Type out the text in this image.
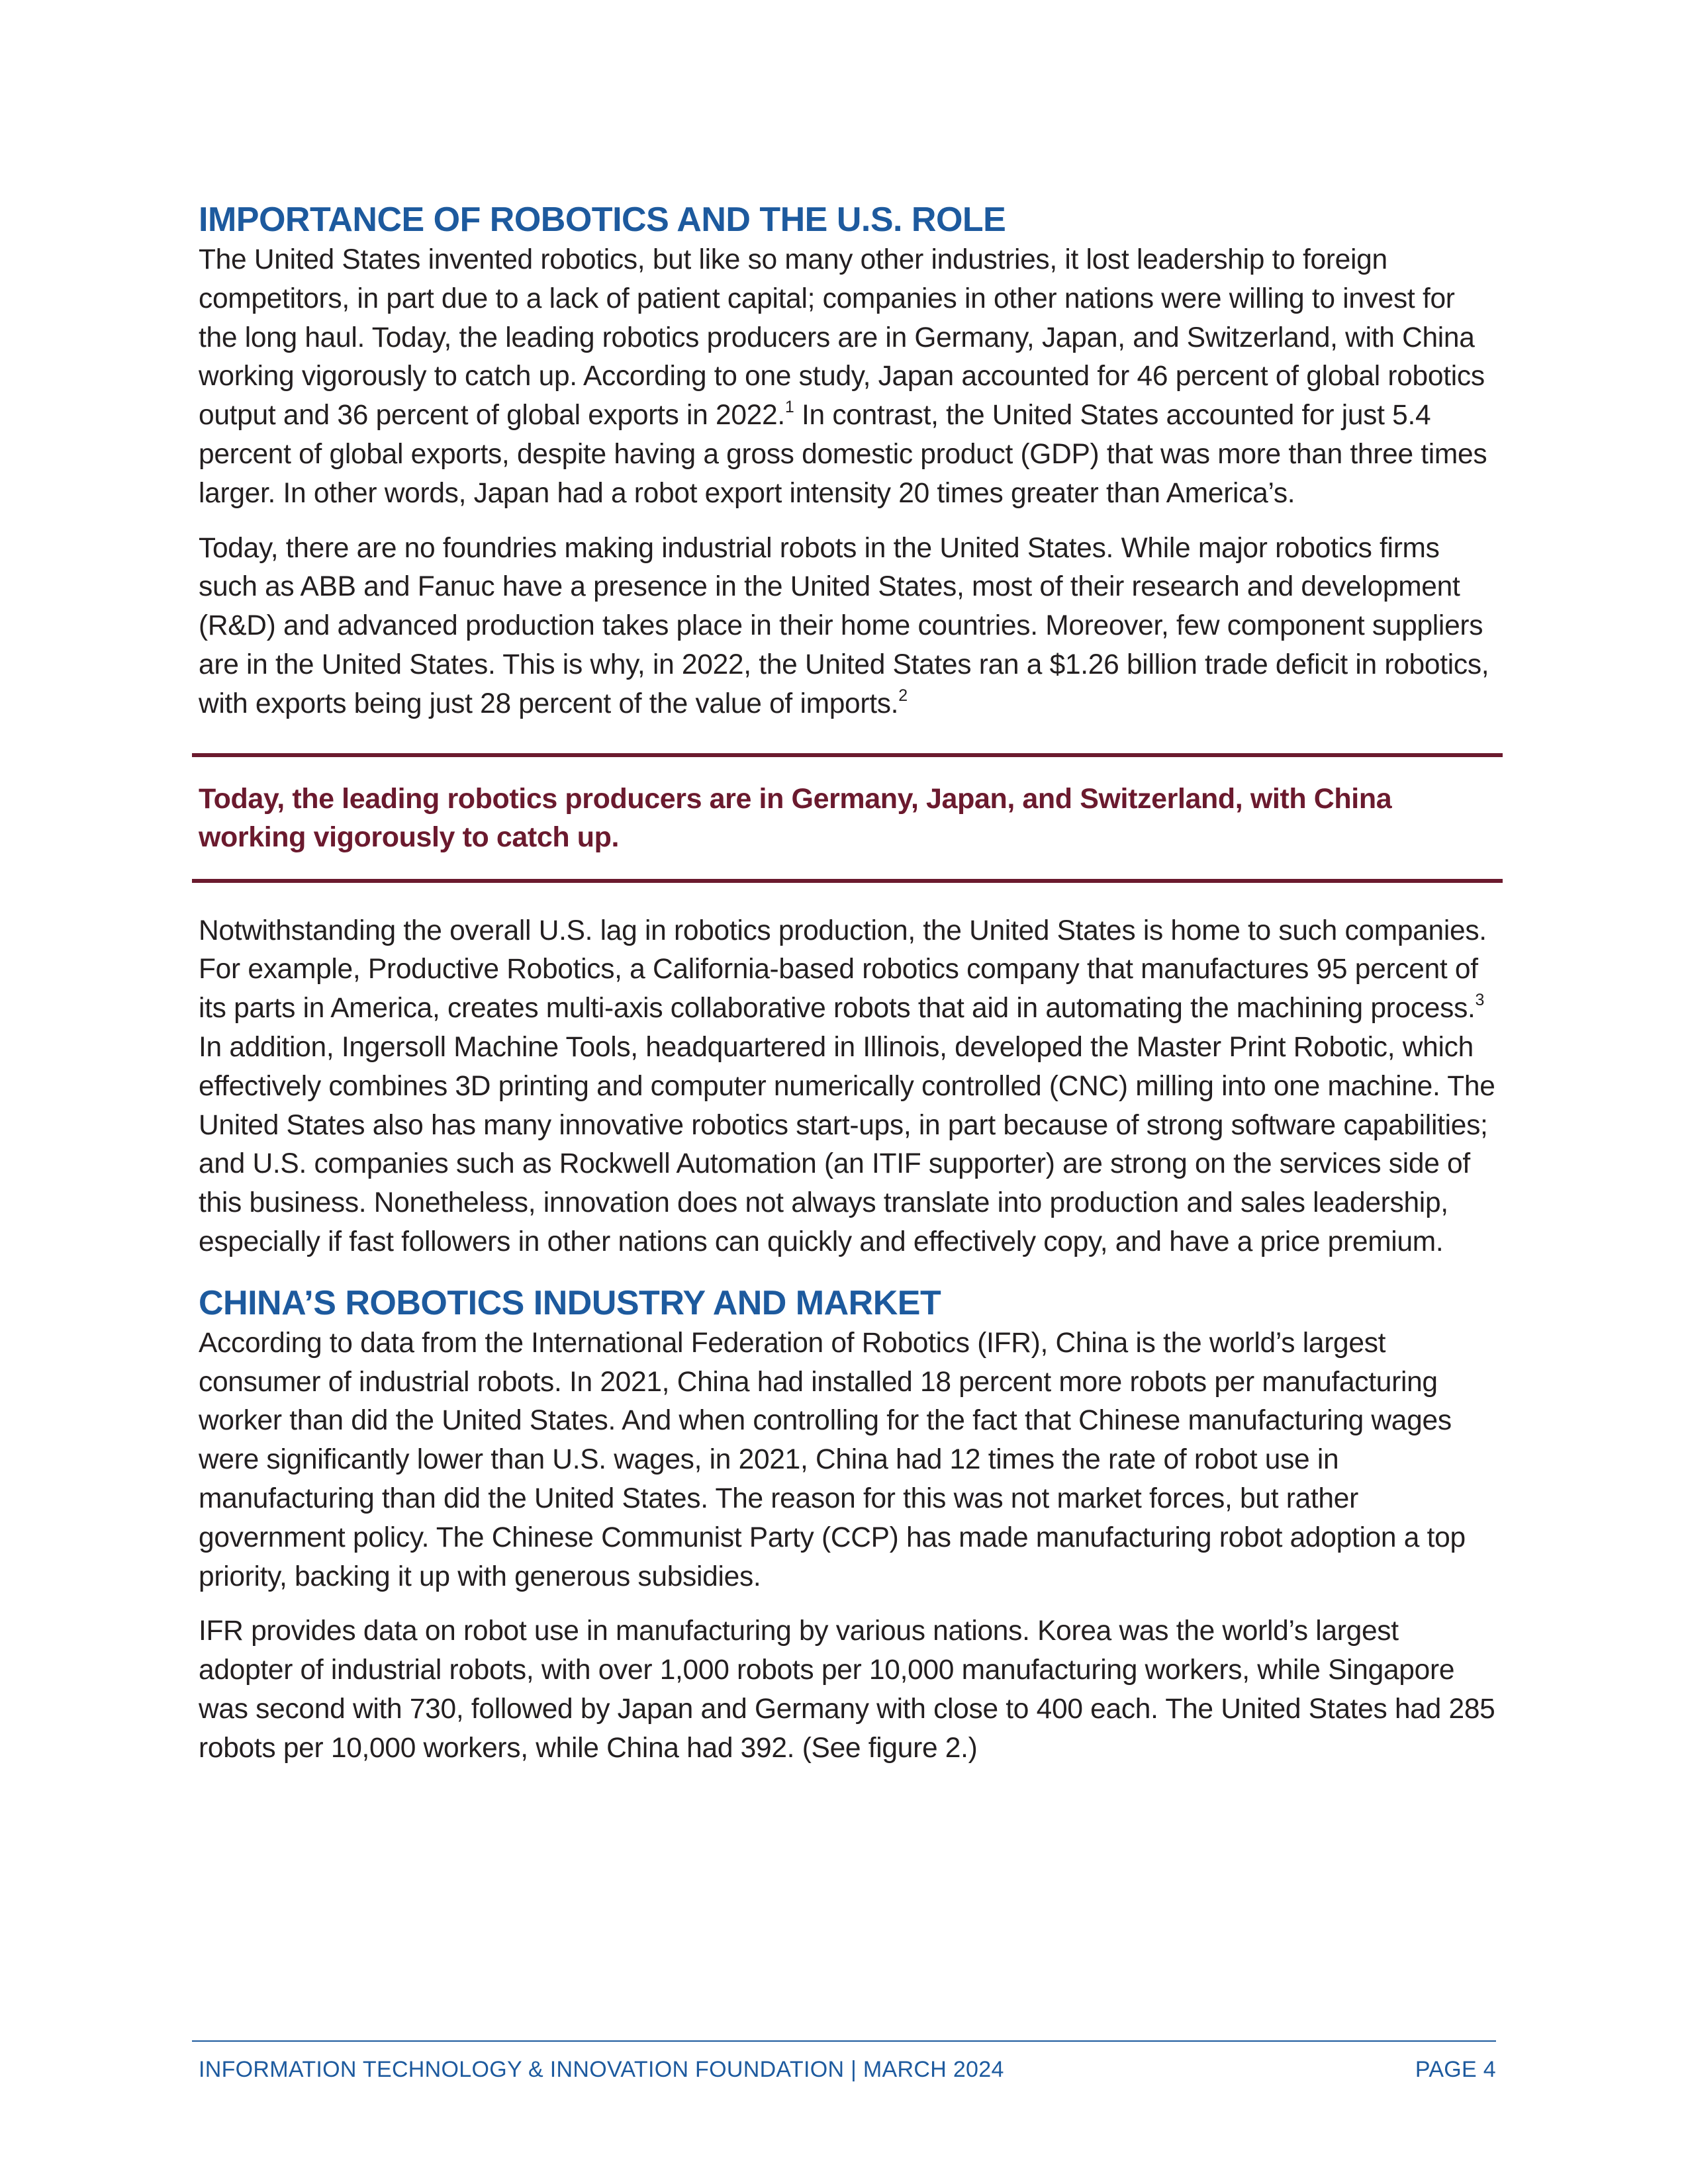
IMPORTANCE OF ROBOTICS AND THE U.S. ROLE

The United States invented robotics, but like so many other industries, it lost leadership to foreign competitors, in part due to a lack of patient capital; companies in other nations were willing to invest for the long haul. Today, the leading robotics producers are in Germany, Japan, and Switzerland, with China working vigorously to catch up. According to one study, Japan accounted for 46 percent of global robotics output and 36 percent of global exports in 2022.$^1$ In contrast, the United States accounted for just 5.4 percent of global exports, despite having a gross domestic product (GDP) that was more than three times larger. In other words, Japan had a robot export intensity 20 times greater than America’s.

Today, there are no foundries making industrial robots in the United States. While major robotics firms such as ABB and Fanuc have a presence in the United States, most of their research and development (R&D) and advanced production takes place in their home countries. Moreover, few component suppliers are in the United States. This is why, in 2022, the United States ran a $1.26 billion trade deficit in robotics, with exports being just 28 percent of the value of imports.$^2$

Today, the leading robotics producers are in Germany, Japan, and Switzerland, with China working vigorously to catch up.

Notwithstanding the overall U.S. lag in robotics production, the United States is home to such companies. For example, Productive Robotics, a California-based robotics company that manufactures 95 percent of its parts in America, creates multi-axis collaborative robots that aid in automating the machining process.$^3$ In addition, Ingersoll Machine Tools, headquartered in Illinois, developed the Master Print Robotic, which effectively combines 3D printing and computer numerically controlled (CNC) milling into one machine. The United States also has many innovative robotics start-ups, in part because of strong software capabilities; and U.S. companies such as Rockwell Automation (an ITIF supporter) are strong on the services side of this business. Nonetheless, innovation does not always translate into production and sales leadership, especially if fast followers in other nations can quickly and effectively copy, and have a price premium.

CHINA’S ROBOTICS INDUSTRY AND MARKET

According to data from the International Federation of Robotics (IFR), China is the world’s largest consumer of industrial robots. In 2021, China had installed 18 percent more robots per manufacturing worker than did the United States. And when controlling for the fact that Chinese manufacturing wages were significantly lower than U.S. wages, in 2021, China had 12 times the rate of robot use in manufacturing than did the United States. The reason for this was not market forces, but rather government policy. The Chinese Communist Party (CCP) has made manufacturing robot adoption a top priority, backing it up with generous subsidies.

IFR provides data on robot use in manufacturing by various nations. Korea was the world’s largest adopter of industrial robots, with over 1,000 robots per 10,000 manufacturing workers, while Singapore was second with 730, followed by Japan and Germany with close to 400 each. The United States had 285 robots per 10,000 workers, while China had 392. (See figure 2.)

INFORMATION TECHNOLOGY & INNOVATION FOUNDATION | MARCH 2024	PAGE 4
